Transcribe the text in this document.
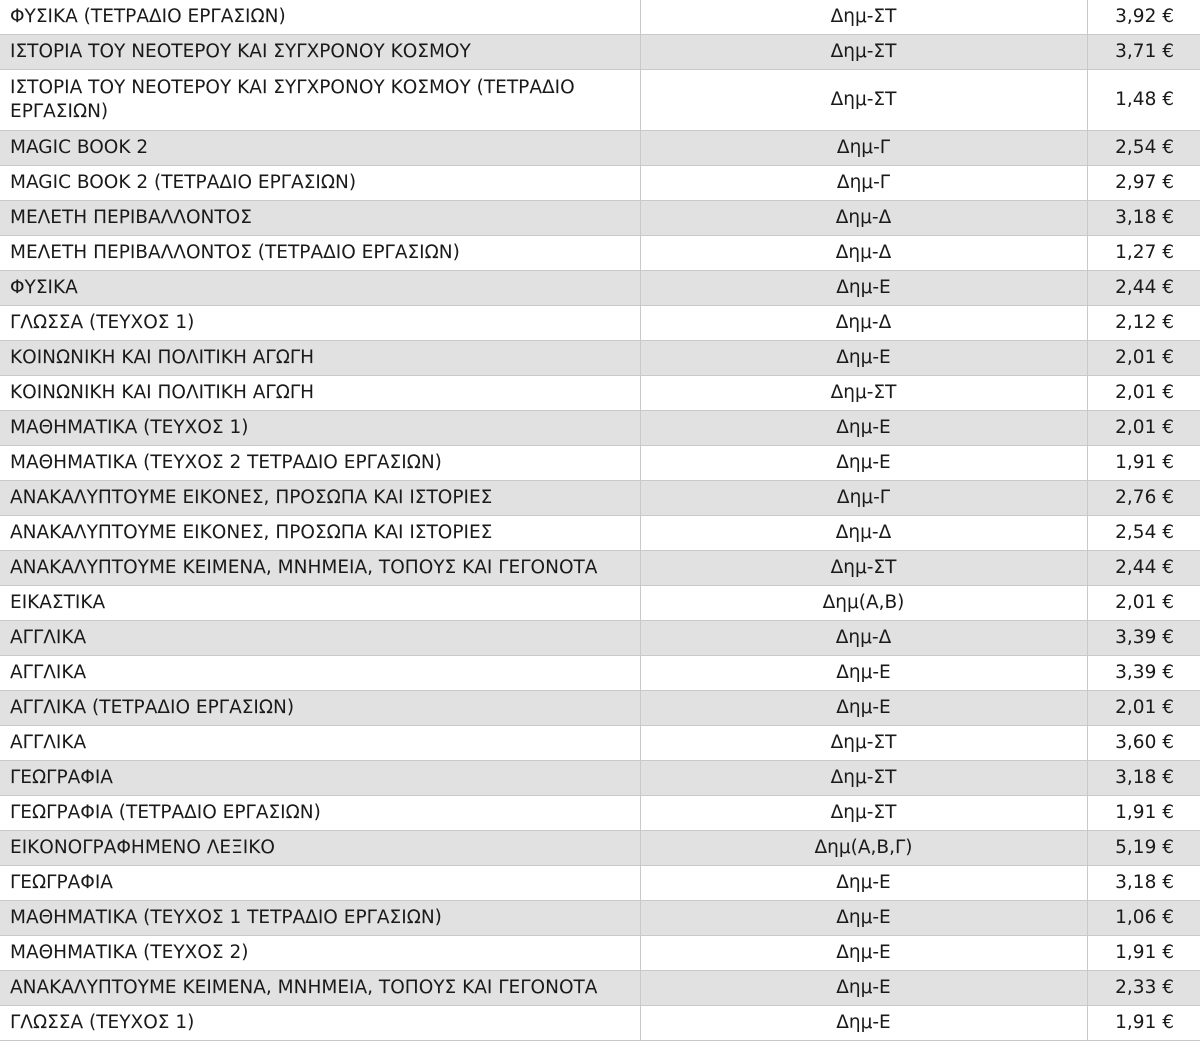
ΦΥΣΙΚΑ (ΤΕΤΡΑΔΙΟ ΕΡΓΑΣΙΩΝ)	Δημ-ΣΤ	3,92 €
ΙΣΤΟΡΙΑ ΤΟΥ ΝΕΟΤΕΡΟΥ ΚΑΙ ΣΥΓΧΡΟΝΟΥ ΚΟΣΜΟΥ	Δημ-ΣΤ	3,71 €
ΙΣΤΟΡΙΑ ΤΟΥ ΝΕΟΤΕΡΟΥ ΚΑΙ ΣΥΓΧΡΟΝΟΥ ΚΟΣΜΟΥ (ΤΕΤΡΑΔΙΟ ΕΡΓΑΣΙΩΝ)	Δημ-ΣΤ	1,48 €
MAGIC BOOK 2	Δημ-Γ	2,54 €
MAGIC BOOK 2 (ΤΕΤΡΑΔΙΟ ΕΡΓΑΣΙΩΝ)	Δημ-Γ	2,97 €
ΜΕΛΕΤΗ ΠΕΡΙΒΑΛΛΟΝΤΟΣ	Δημ-Δ	3,18 €
ΜΕΛΕΤΗ ΠΕΡΙΒΑΛΛΟΝΤΟΣ (ΤΕΤΡΑΔΙΟ ΕΡΓΑΣΙΩΝ)	Δημ-Δ	1,27 €
ΦΥΣΙΚΑ	Δημ-Ε	2,44 €
ΓΛΩΣΣΑ (ΤΕΥΧΟΣ 1)	Δημ-Δ	2,12 €
ΚΟΙΝΩΝΙΚΗ ΚΑΙ ΠΟΛΙΤΙΚΗ ΑΓΩΓΗ	Δημ-Ε	2,01 €
ΚΟΙΝΩΝΙΚΗ ΚΑΙ ΠΟΛΙΤΙΚΗ ΑΓΩΓΗ	Δημ-ΣΤ	2,01 €
ΜΑΘΗΜΑΤΙΚΑ (ΤΕΥΧΟΣ 1)	Δημ-Ε	2,01 €
ΜΑΘΗΜΑΤΙΚΑ (ΤΕΥΧΟΣ 2 ΤΕΤΡΑΔΙΟ ΕΡΓΑΣΙΩΝ)	Δημ-Ε	1,91 €
ΑΝΑΚΑΛΥΠΤΟΥΜΕ ΕΙΚΟΝΕΣ, ΠΡΟΣΩΠΑ ΚΑΙ ΙΣΤΟΡΙΕΣ	Δημ-Γ	2,76 €
ΑΝΑΚΑΛΥΠΤΟΥΜΕ ΕΙΚΟΝΕΣ, ΠΡΟΣΩΠΑ ΚΑΙ ΙΣΤΟΡΙΕΣ	Δημ-Δ	2,54 €
ΑΝΑΚΑΛΥΠΤΟΥΜΕ ΚΕΙΜΕΝΑ, ΜΝΗΜΕΙΑ, ΤΟΠΟΥΣ ΚΑΙ ΓΕΓΟΝΟΤΑ	Δημ-ΣΤ	2,44 €
ΕΙΚΑΣΤΙΚΑ	Δημ(Α,Β)	2,01 €
ΑΓΓΛΙΚΑ	Δημ-Δ	3,39 €
ΑΓΓΛΙΚΑ	Δημ-Ε	3,39 €
ΑΓΓΛΙΚΑ (ΤΕΤΡΑΔΙΟ ΕΡΓΑΣΙΩΝ)	Δημ-Ε	2,01 €
ΑΓΓΛΙΚΑ	Δημ-ΣΤ	3,60 €
ΓΕΩΓΡΑΦΙΑ	Δημ-ΣΤ	3,18 €
ΓΕΩΓΡΑΦΙΑ (ΤΕΤΡΑΔΙΟ ΕΡΓΑΣΙΩΝ)	Δημ-ΣΤ	1,91 €
ΕΙΚΟΝΟΓΡΑΦΗΜΕΝΟ ΛΕΞΙΚΟ	Δημ(Α,Β,Γ)	5,19 €
ΓΕΩΓΡΑΦΙΑ	Δημ-Ε	3,18 €
ΜΑΘΗΜΑΤΙΚΑ (ΤΕΥΧΟΣ 1 ΤΕΤΡΑΔΙΟ ΕΡΓΑΣΙΩΝ)	Δημ-Ε	1,06 €
ΜΑΘΗΜΑΤΙΚΑ (ΤΕΥΧΟΣ 2)	Δημ-Ε	1,91 €
ΑΝΑΚΑΛΥΠΤΟΥΜΕ ΚΕΙΜΕΝΑ, ΜΝΗΜΕΙΑ, ΤΟΠΟΥΣ ΚΑΙ ΓΕΓΟΝΟΤΑ	Δημ-Ε	2,33 €
ΓΛΩΣΣΑ (ΤΕΥΧΟΣ 1)	Δημ-Ε	1,91 €
